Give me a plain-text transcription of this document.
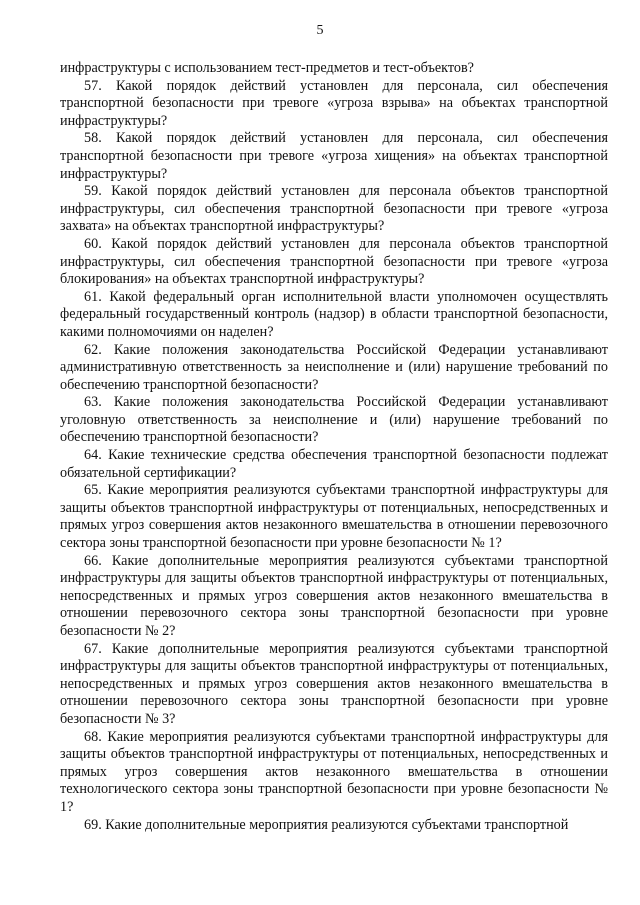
5

инфраструктуры с использованием тест-предметов и тест-объектов?

57. Какой порядок действий установлен для персонала, сил обеспечения транспортной безопасности при тревоге «угроза взрыва» на объектах транспортной инфраструктуры?

58. Какой порядок действий установлен для персонала, сил обеспечения транспортной безопасности при тревоге «угроза хищения» на объектах транспортной инфраструктуры?

59. Какой порядок действий установлен для персонала объектов транспортной инфраструктуры, сил обеспечения транспортной безопасности при тревоге «угроза захвата» на объектах транспортной инфраструктуры?

60. Какой порядок действий установлен для персонала объектов транспортной инфраструктуры, сил обеспечения транспортной безопасности при тревоге «угроза блокирования» на объектах транспортной инфраструктуры?

61. Какой федеральный орган исполнительной власти уполномочен осуществлять федеральный государственный контроль (надзор) в области транспортной безопасности, какими полномочиями он наделен?

62. Какие положения законодательства Российской Федерации устанавливают административную ответственность за неисполнение и (или) нарушение требований по обеспечению транспортной безопасности?

63. Какие положения законодательства Российской Федерации устанавливают уголовную ответственность за неисполнение и (или) нарушение требований по обеспечению транспортной безопасности?

64. Какие технические средства обеспечения транспортной безопасности подлежат обязательной сертификации?

65. Какие мероприятия реализуются субъектами транспортной инфраструктуры для защиты объектов транспортной инфраструктуры от потенциальных, непосредственных и прямых угроз совершения актов незаконного вмешательства в отношении перевозочного сектора зоны транспортной безопасности при уровне безопасности № 1?

66. Какие дополнительные мероприятия реализуются субъектами транспортной инфраструктуры для защиты объектов транспортной инфраструктуры от потенциальных, непосредственных и прямых угроз совершения актов незаконного вмешательства в отношении перевозочного сектора зоны транспортной безопасности при уровне безопасности № 2?

67. Какие дополнительные мероприятия реализуются субъектами транспортной инфраструктуры для защиты объектов транспортной инфраструктуры от потенциальных, непосредственных и прямых угроз совершения актов незаконного вмешательства в отношении перевозочного сектора зоны транспортной безопасности при уровне безопасности № 3?

68. Какие мероприятия реализуются субъектами транспортной инфраструктуры для защиты объектов транспортной инфраструктуры от потенциальных, непосредственных и прямых угроз совершения актов незаконного вмешательства в отношении технологического сектора зоны транспортной безопасности при уровне безопасности № 1?

69. Какие дополнительные мероприятия реализуются субъектами транспортной
